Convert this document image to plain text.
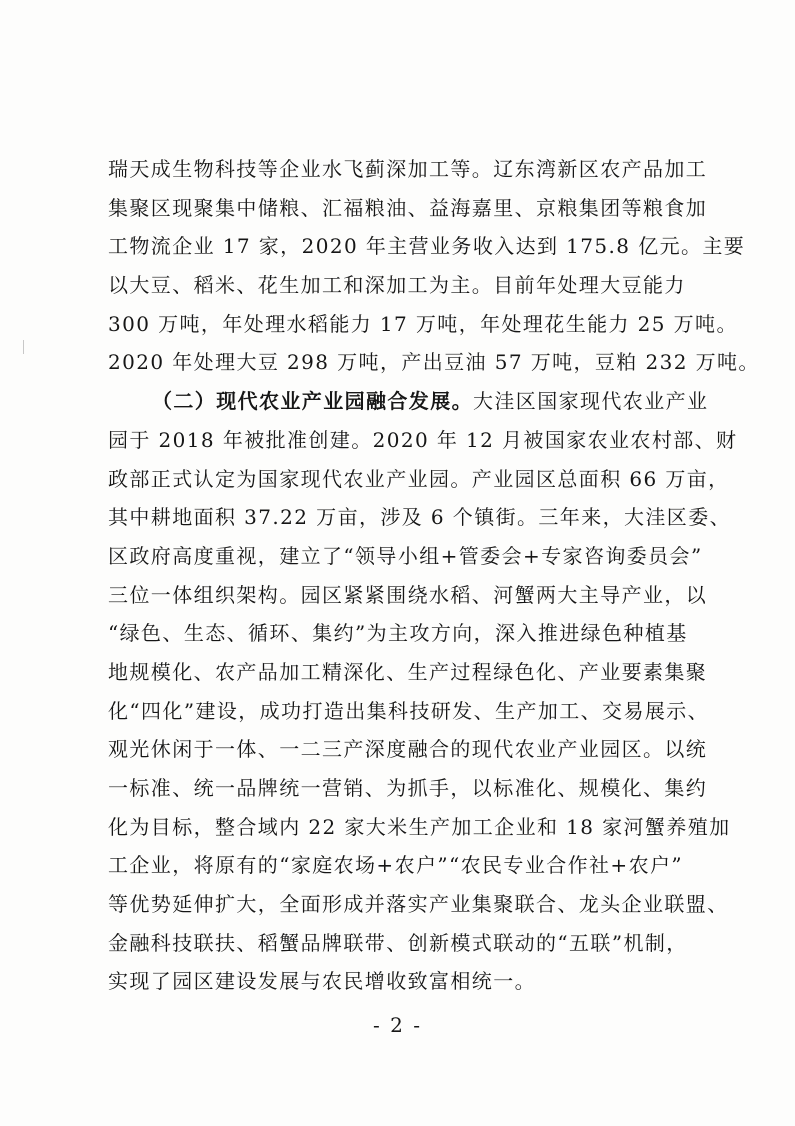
瑞天成生物科技等企业水飞蓟深加工等。辽东湾新区农产品加工
集聚区现聚集中储粮、汇福粮油、益海嘉里、京粮集团等粮食加
工物流企业 17 家，2020 年主营业务收入达到 175.8 亿元。主要
以大豆、稻米、花生加工和深加工为主。目前年处理大豆能力
300 万吨，年处理水稻能力 17 万吨，年处理花生能力 25 万吨。
2020 年处理大豆 298 万吨，产出豆油 57 万吨，豆粕 232 万吨。
（二）现代农业产业园融合发展。大洼区国家现代农业产业
园于 2018 年被批准创建。2020 年 12 月被国家农业农村部、财
政部正式认定为国家现代农业产业园。产业园区总面积 66 万亩，
其中耕地面积 37.22 万亩，涉及 6 个镇街。三年来，大洼区委、
区政府高度重视，建立了“领导小组+管委会+专家咨询委员会”
三位一体组织架构。园区紧紧围绕水稻、河蟹两大主导产业，以
“绿色、生态、循环、集约”为主攻方向，深入推进绿色种植基
地规模化、农产品加工精深化、生产过程绿色化、产业要素集聚
化“四化”建设，成功打造出集科技研发、生产加工、交易展示、
观光休闲于一体、一二三产深度融合的现代农业产业园区。以统
一标准、统一品牌统一营销、为抓手，以标准化、规模化、集约
化为目标，整合域内 22 家大米生产加工企业和 18 家河蟹养殖加
工企业，将原有的“家庭农场+农户”“农民专业合作社+农户”
等优势延伸扩大，全面形成并落实产业集聚联合、龙头企业联盟、
金融科技联扶、稻蟹品牌联带、创新模式联动的“五联”机制，
实现了园区建设发展与农民增收致富相统一。
- 2 -
